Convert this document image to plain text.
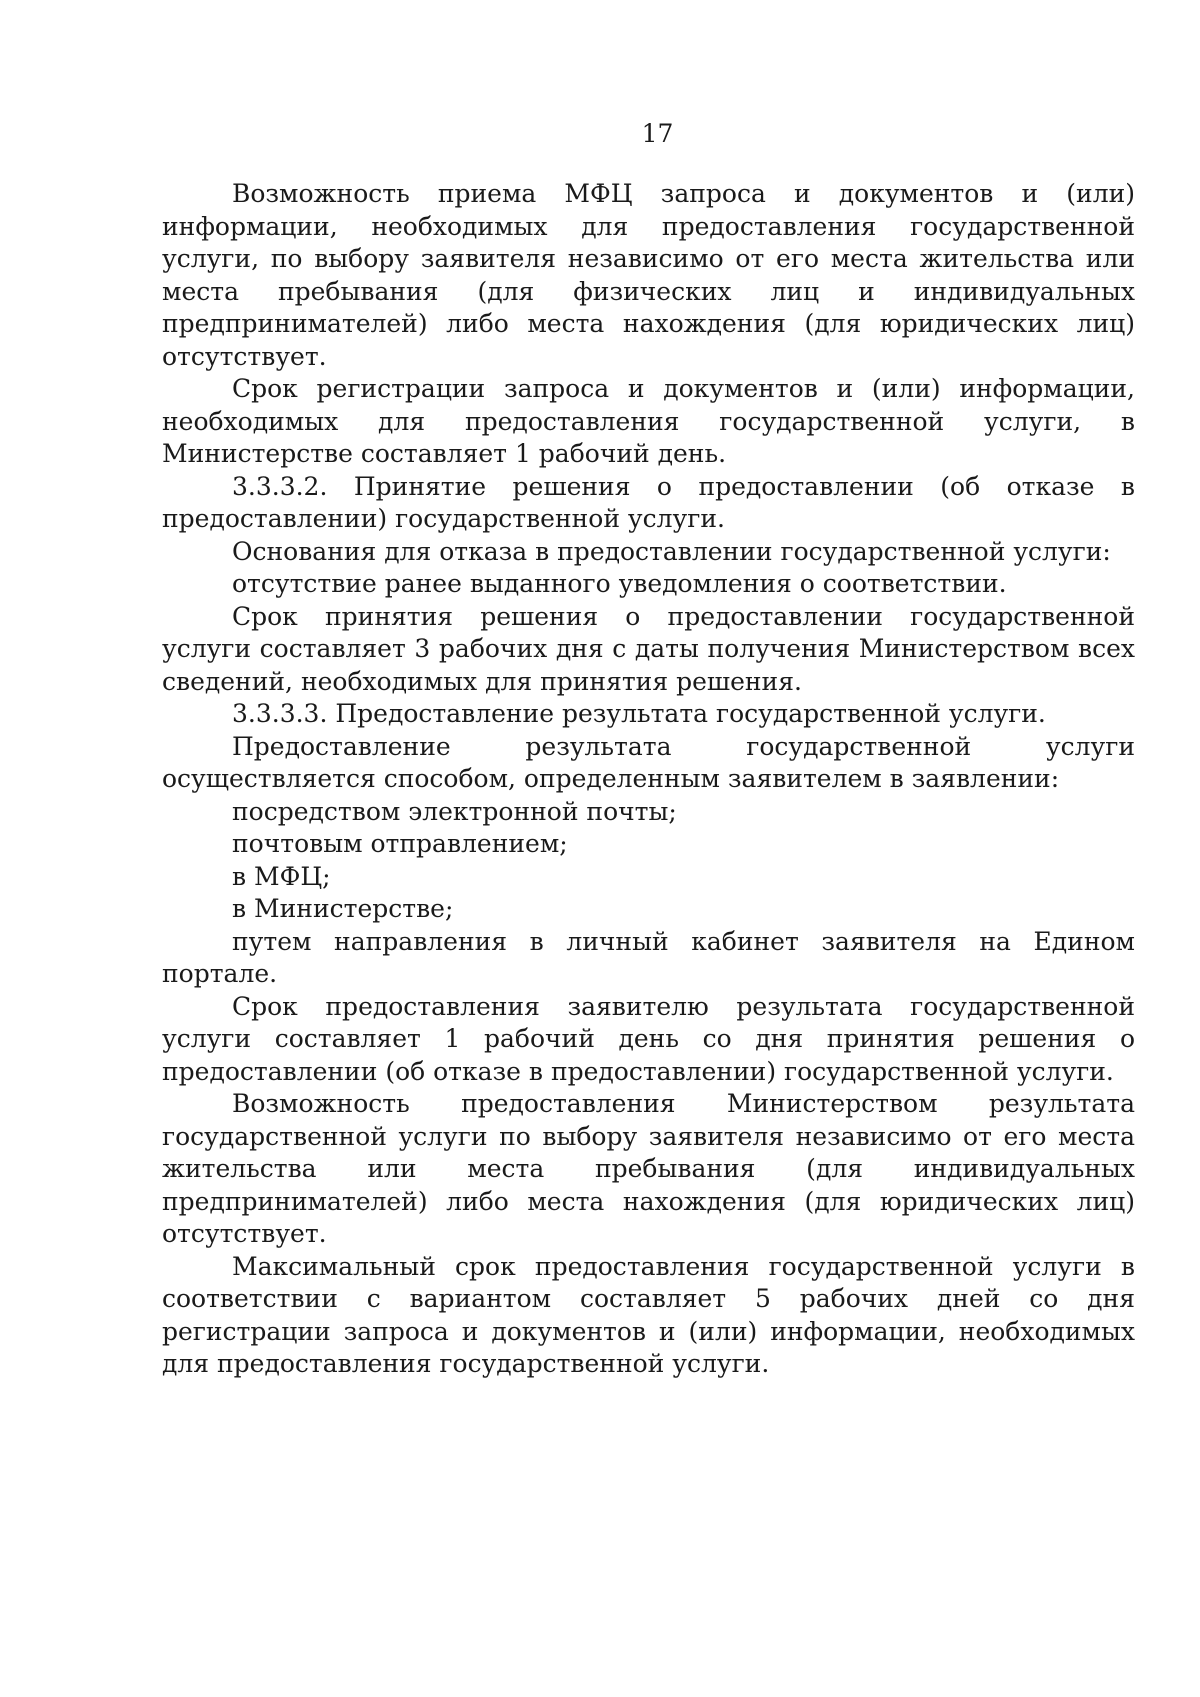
17

Возможность приема МФЦ запроса и документов и (или) информации, необходимых для предоставления государственной услуги, по выбору заявителя независимо от его места жительства или места пребывания (для физических лиц и индивидуальных предпринимателей) либо места нахождения (для юридических лиц) отсутствует.

Срок регистрации запроса и документов и (или) информации, необходимых для предоставления государственной услуги, в Министерстве составляет 1 рабочий день.

3.3.3.2. Принятие решения о предоставлении (об отказе в предоставлении) государственной услуги.

Основания для отказа в предоставлении государственной услуги:

отсутствие ранее выданного уведомления о соответствии.

Срок принятия решения о предоставлении государственной услуги составляет 3 рабочих дня с даты получения Министерством всех сведений, необходимых для принятия решения.

3.3.3.3. Предоставление результата государственной услуги.

Предоставление результата государственной услуги осуществляется способом, определенным заявителем в заявлении:

посредством электронной почты;

почтовым отправлением;

в МФЦ;

в Министерстве;

путем направления в личный кабинет заявителя на Едином портале.

Срок предоставления заявителю результата государственной услуги составляет 1 рабочий день со дня принятия решения о предоставлении (об отказе в предоставлении) государственной услуги.

Возможность предоставления Министерством результата государственной услуги по выбору заявителя независимо от его места жительства или места пребывания (для индивидуальных предпринимателей) либо места нахождения (для юридических лиц) отсутствует.

Максимальный срок предоставления государственной услуги в соответствии с вариантом составляет 5 рабочих дней со дня регистрации запроса и документов и (или) информации, необходимых для предоставления государственной услуги.
